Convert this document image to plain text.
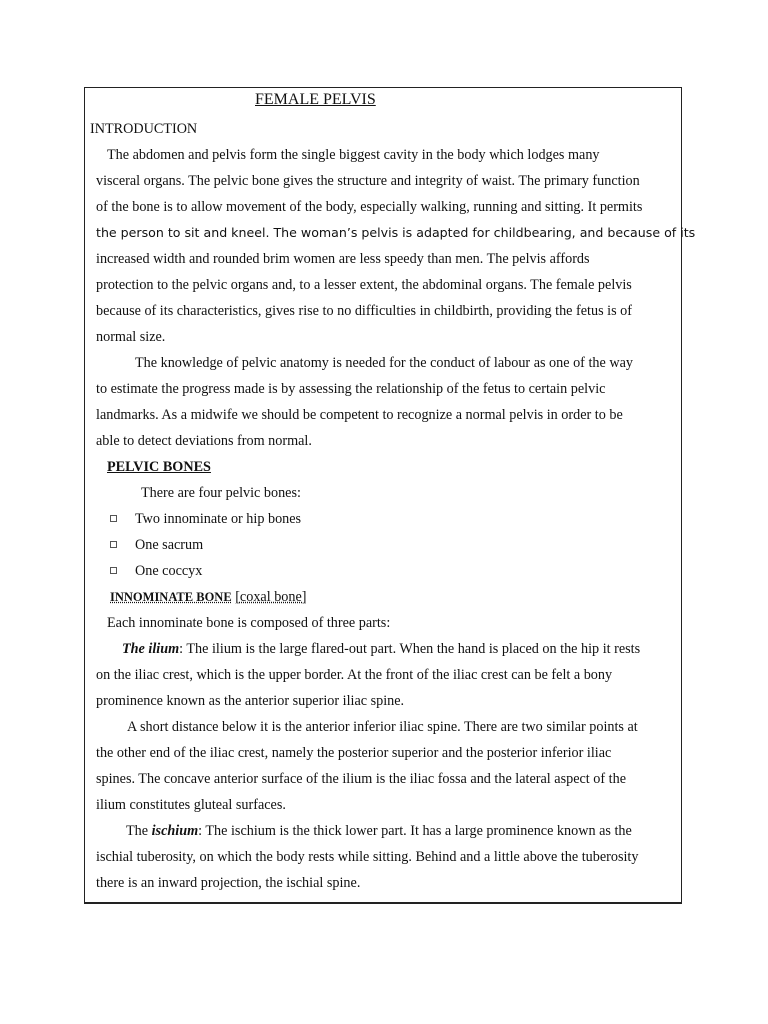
FEMALE PELVIS
INTRODUCTION
The abdomen and pelvis form the single biggest cavity in the body which lodges many
visceral organs. The pelvic bone gives the structure and integrity of waist. The primary function
of the bone is to allow movement of the body, especially walking, running and sitting. It permits
the person to sit and kneel. The woman’s pelvis is adapted for childbearing, and because of its
increased width and rounded brim women are less speedy than men. The pelvis affords
protection to the pelvic organs and, to a lesser extent, the abdominal organs. The female pelvis
because of its characteristics, gives rise to no difficulties in childbirth, providing the fetus is of
normal size.
The knowledge of pelvic anatomy is needed for the conduct of labour as one of the way
to estimate the progress made is by assessing the relationship of the fetus to certain pelvic
landmarks. As a midwife we should be competent to recognize a normal pelvis in order to be
able to detect deviations from normal.
PELVIC BONES
There are four pelvic bones:
Two innominate or hip bones
One sacrum
One coccyx
INNOMINATE BONE [coxal bone]
Each innominate bone is composed of three parts:
The ilium: The ilium is the large flared-out part. When the hand is placed on the hip it rests
on the iliac crest, which is the upper border. At the front of the iliac crest can be felt a bony
prominence known as the anterior superior iliac spine.
A short distance below it is the anterior inferior iliac spine. There are two similar points at
the other end of the iliac crest, namely the posterior superior and the posterior inferior iliac
spines. The concave anterior surface of the ilium is the iliac fossa and the lateral aspect of the
ilium constitutes gluteal surfaces.
The ischium: The ischium is the thick lower part. It has a large prominence known as the
ischial tuberosity, on which the body rests while sitting. Behind and a little above the tuberosity
there is an inward projection, the ischial spine.
